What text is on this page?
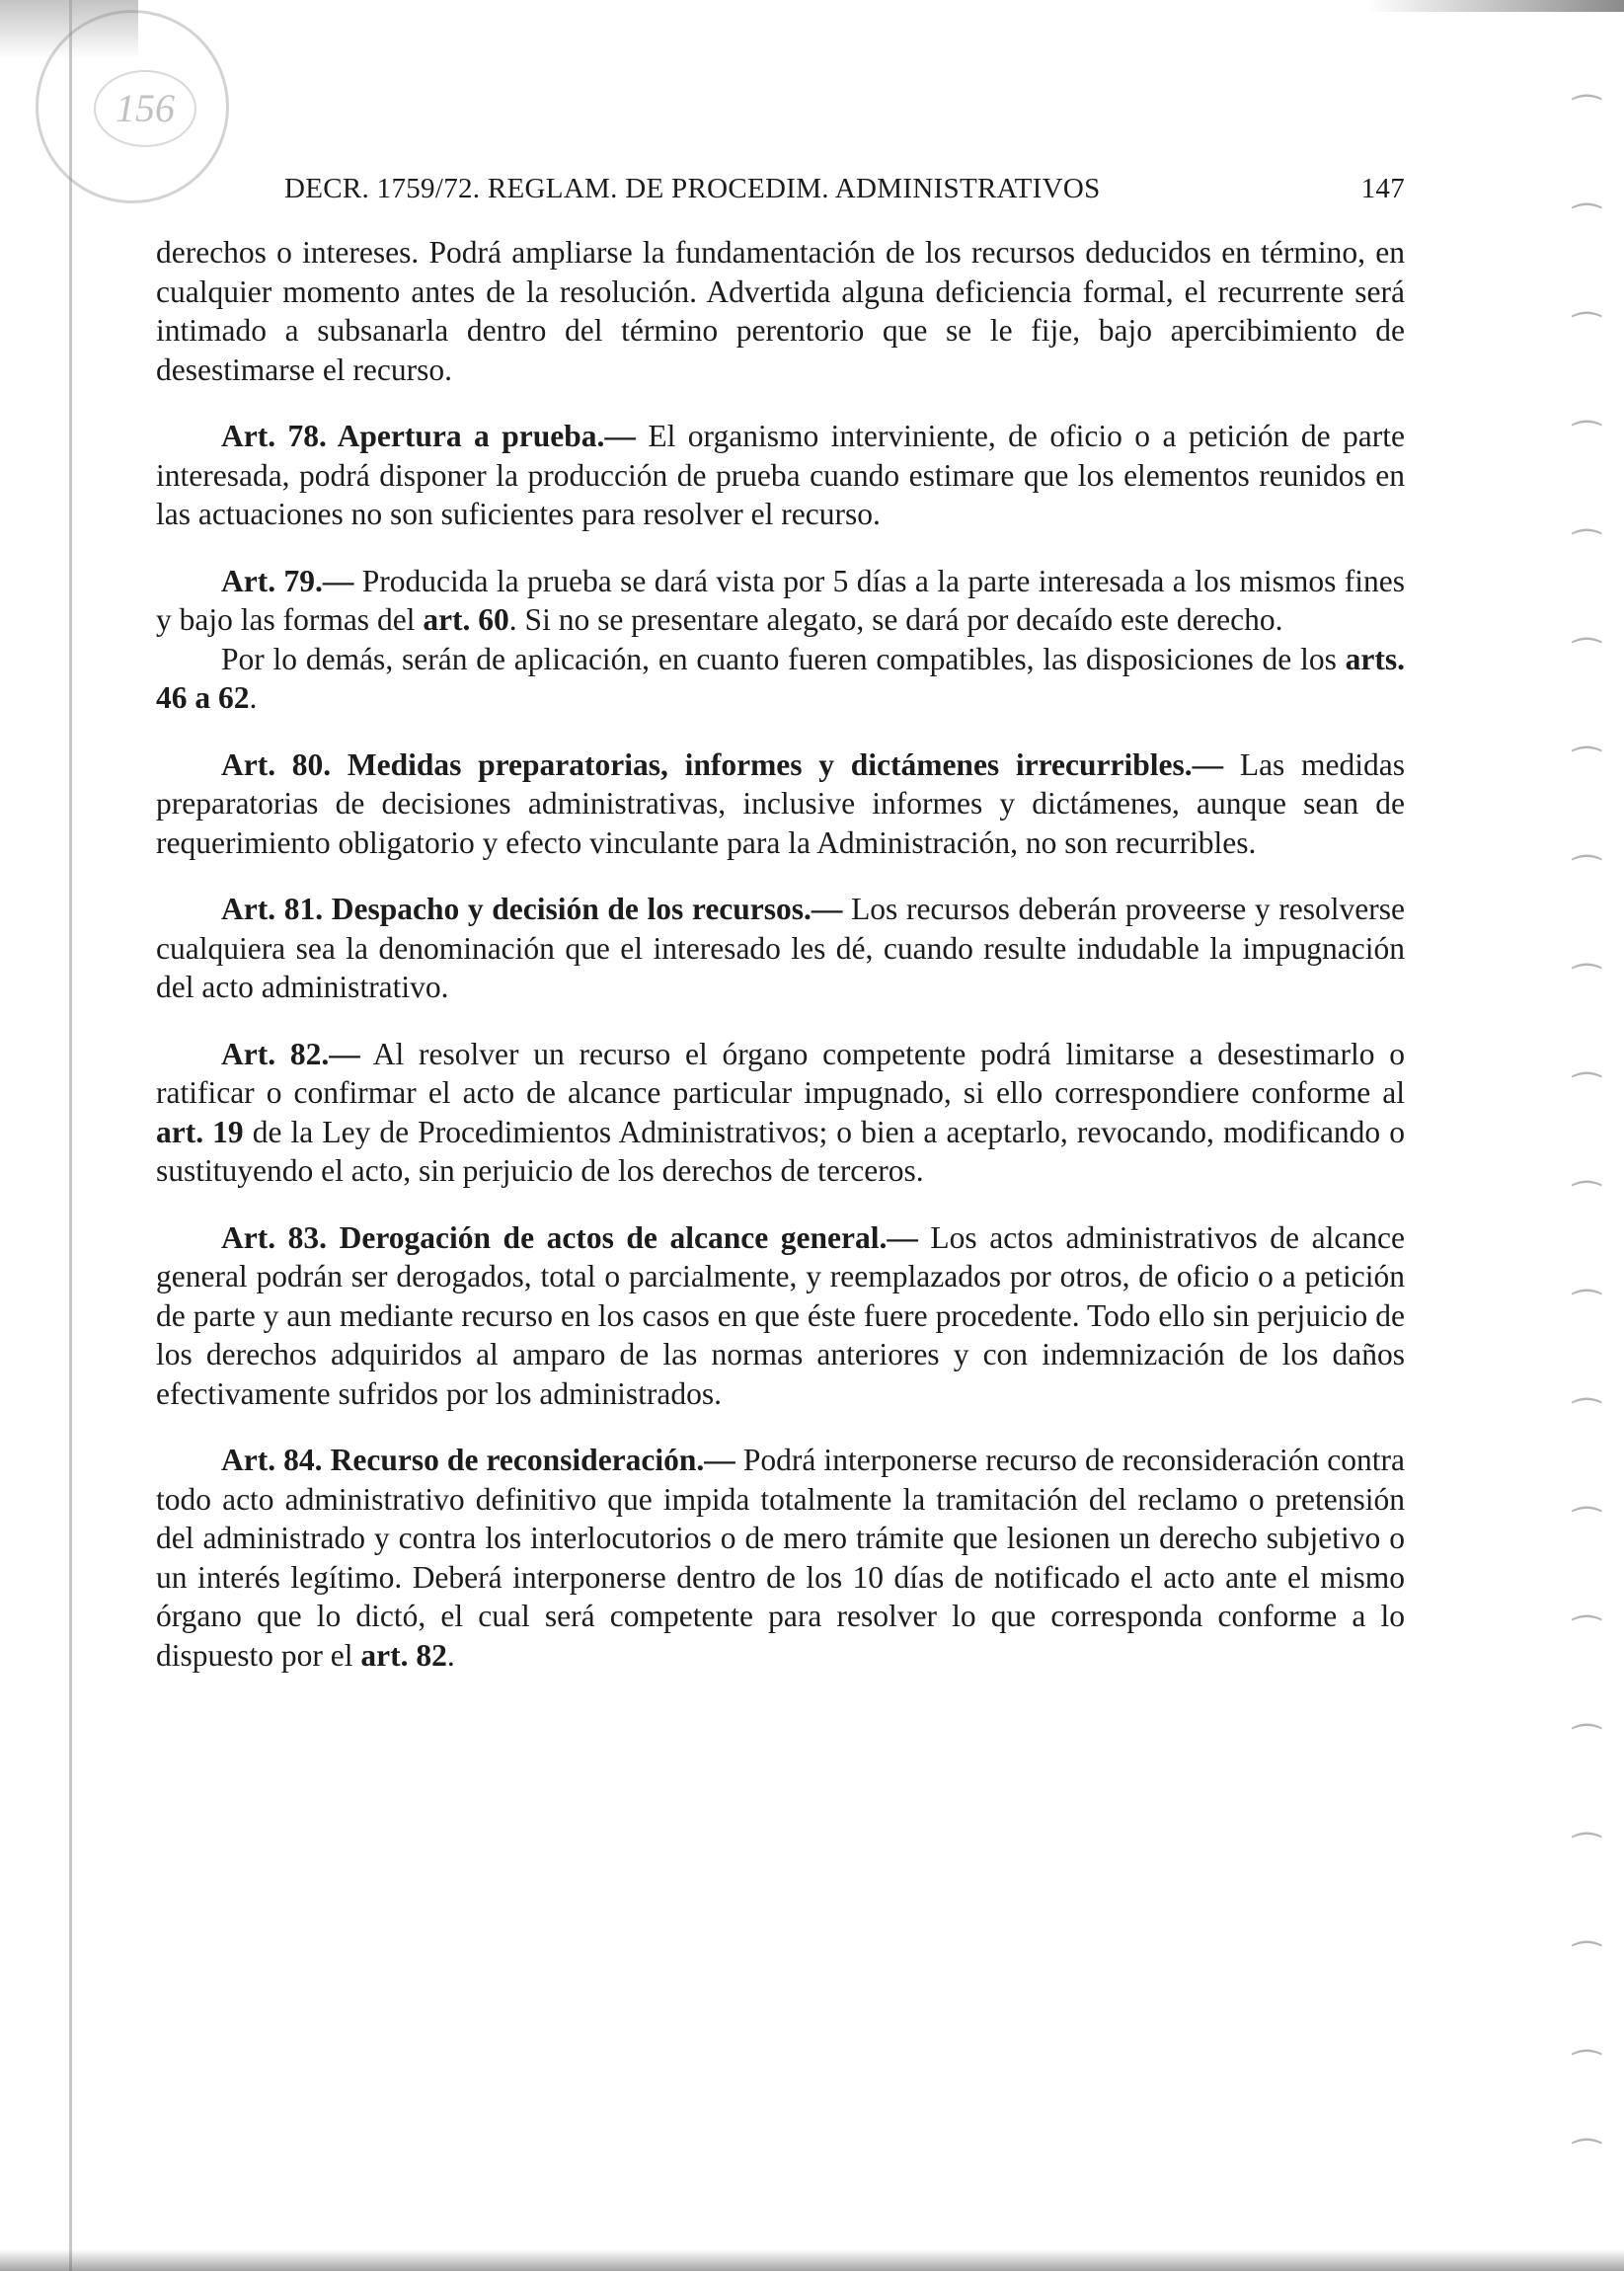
156	⁀
⁀
⁀
⁀
⁀
⁀
⁀
⁀
⁀
⁀
⁀
⁀
⁀
⁀
⁀
⁀
⁀
⁀
⁀
⁀
DECR. 1759/72. REGLAM. DE PROCEDIM. ADMINISTRATIVOS	147

derechos o intereses. Podrá ampliarse la fundamentación de los recursos deducidos en término, en cualquier momento antes de la resolución. Advertida alguna deficiencia formal, el recurrente será intimado a subsanarla dentro del término perentorio que se le fije, bajo apercibimiento de desestimarse el recurso.

Art. 78. Apertura a prueba.— El organismo interviniente, de oficio o a petición de parte interesada, podrá disponer la producción de prueba cuando estimare que los elementos reunidos en las actuaciones no son suficientes para resolver el recurso.

Art. 79.— Producida la prueba se dará vista por 5 días a la parte interesada a los mismos fines y bajo las formas del art. 60. Si no se presentare alegato, se dará por decaído este derecho.

Por lo demás, serán de aplicación, en cuanto fueren compatibles, las disposiciones de los arts. 46 a 62.

Art. 80. Medidas preparatorias, informes y dictámenes irrecurribles.— Las medidas preparatorias de decisiones administrativas, inclusive informes y dictámenes, aunque sean de requerimiento obligatorio y efecto vinculante para la Administración, no son recurribles.

Art. 81. Despacho y decisión de los recursos.— Los recursos deberán proveerse y resolverse cualquiera sea la denominación que el interesado les dé, cuando resulte indudable la impugnación del acto administrativo.

Art. 82.— Al resolver un recurso el órgano competente podrá limitarse a desestimarlo o ratificar o confirmar el acto de alcance particular impugnado, si ello correspondiere conforme al art. 19 de la Ley de Procedimientos Administrativos; o bien a aceptarlo, revocando, modificando o sustituyendo el acto, sin perjuicio de los derechos de terceros.

Art. 83. Derogación de actos de alcance general.— Los actos administrativos de alcance general podrán ser derogados, total o parcialmente, y reemplazados por otros, de oficio o a petición de parte y aun mediante recurso en los casos en que éste fuere procedente. Todo ello sin perjuicio de los derechos adquiridos al amparo de las normas anteriores y con indemnización de los daños efectivamente sufridos por los administrados.

Art. 84. Recurso de reconsideración.— Podrá interponerse recurso de reconsideración contra todo acto administrativo definitivo que impida totalmente la tramitación del reclamo o pretensión del administrado y contra los interlocutorios o de mero trámite que lesionen un derecho subjetivo o un interés legítimo. Deberá interponerse dentro de los 10 días de notificado el acto ante el mismo órgano que lo dictó, el cual será competente para resolver lo que corresponda conforme a lo dispuesto por el art. 82.
